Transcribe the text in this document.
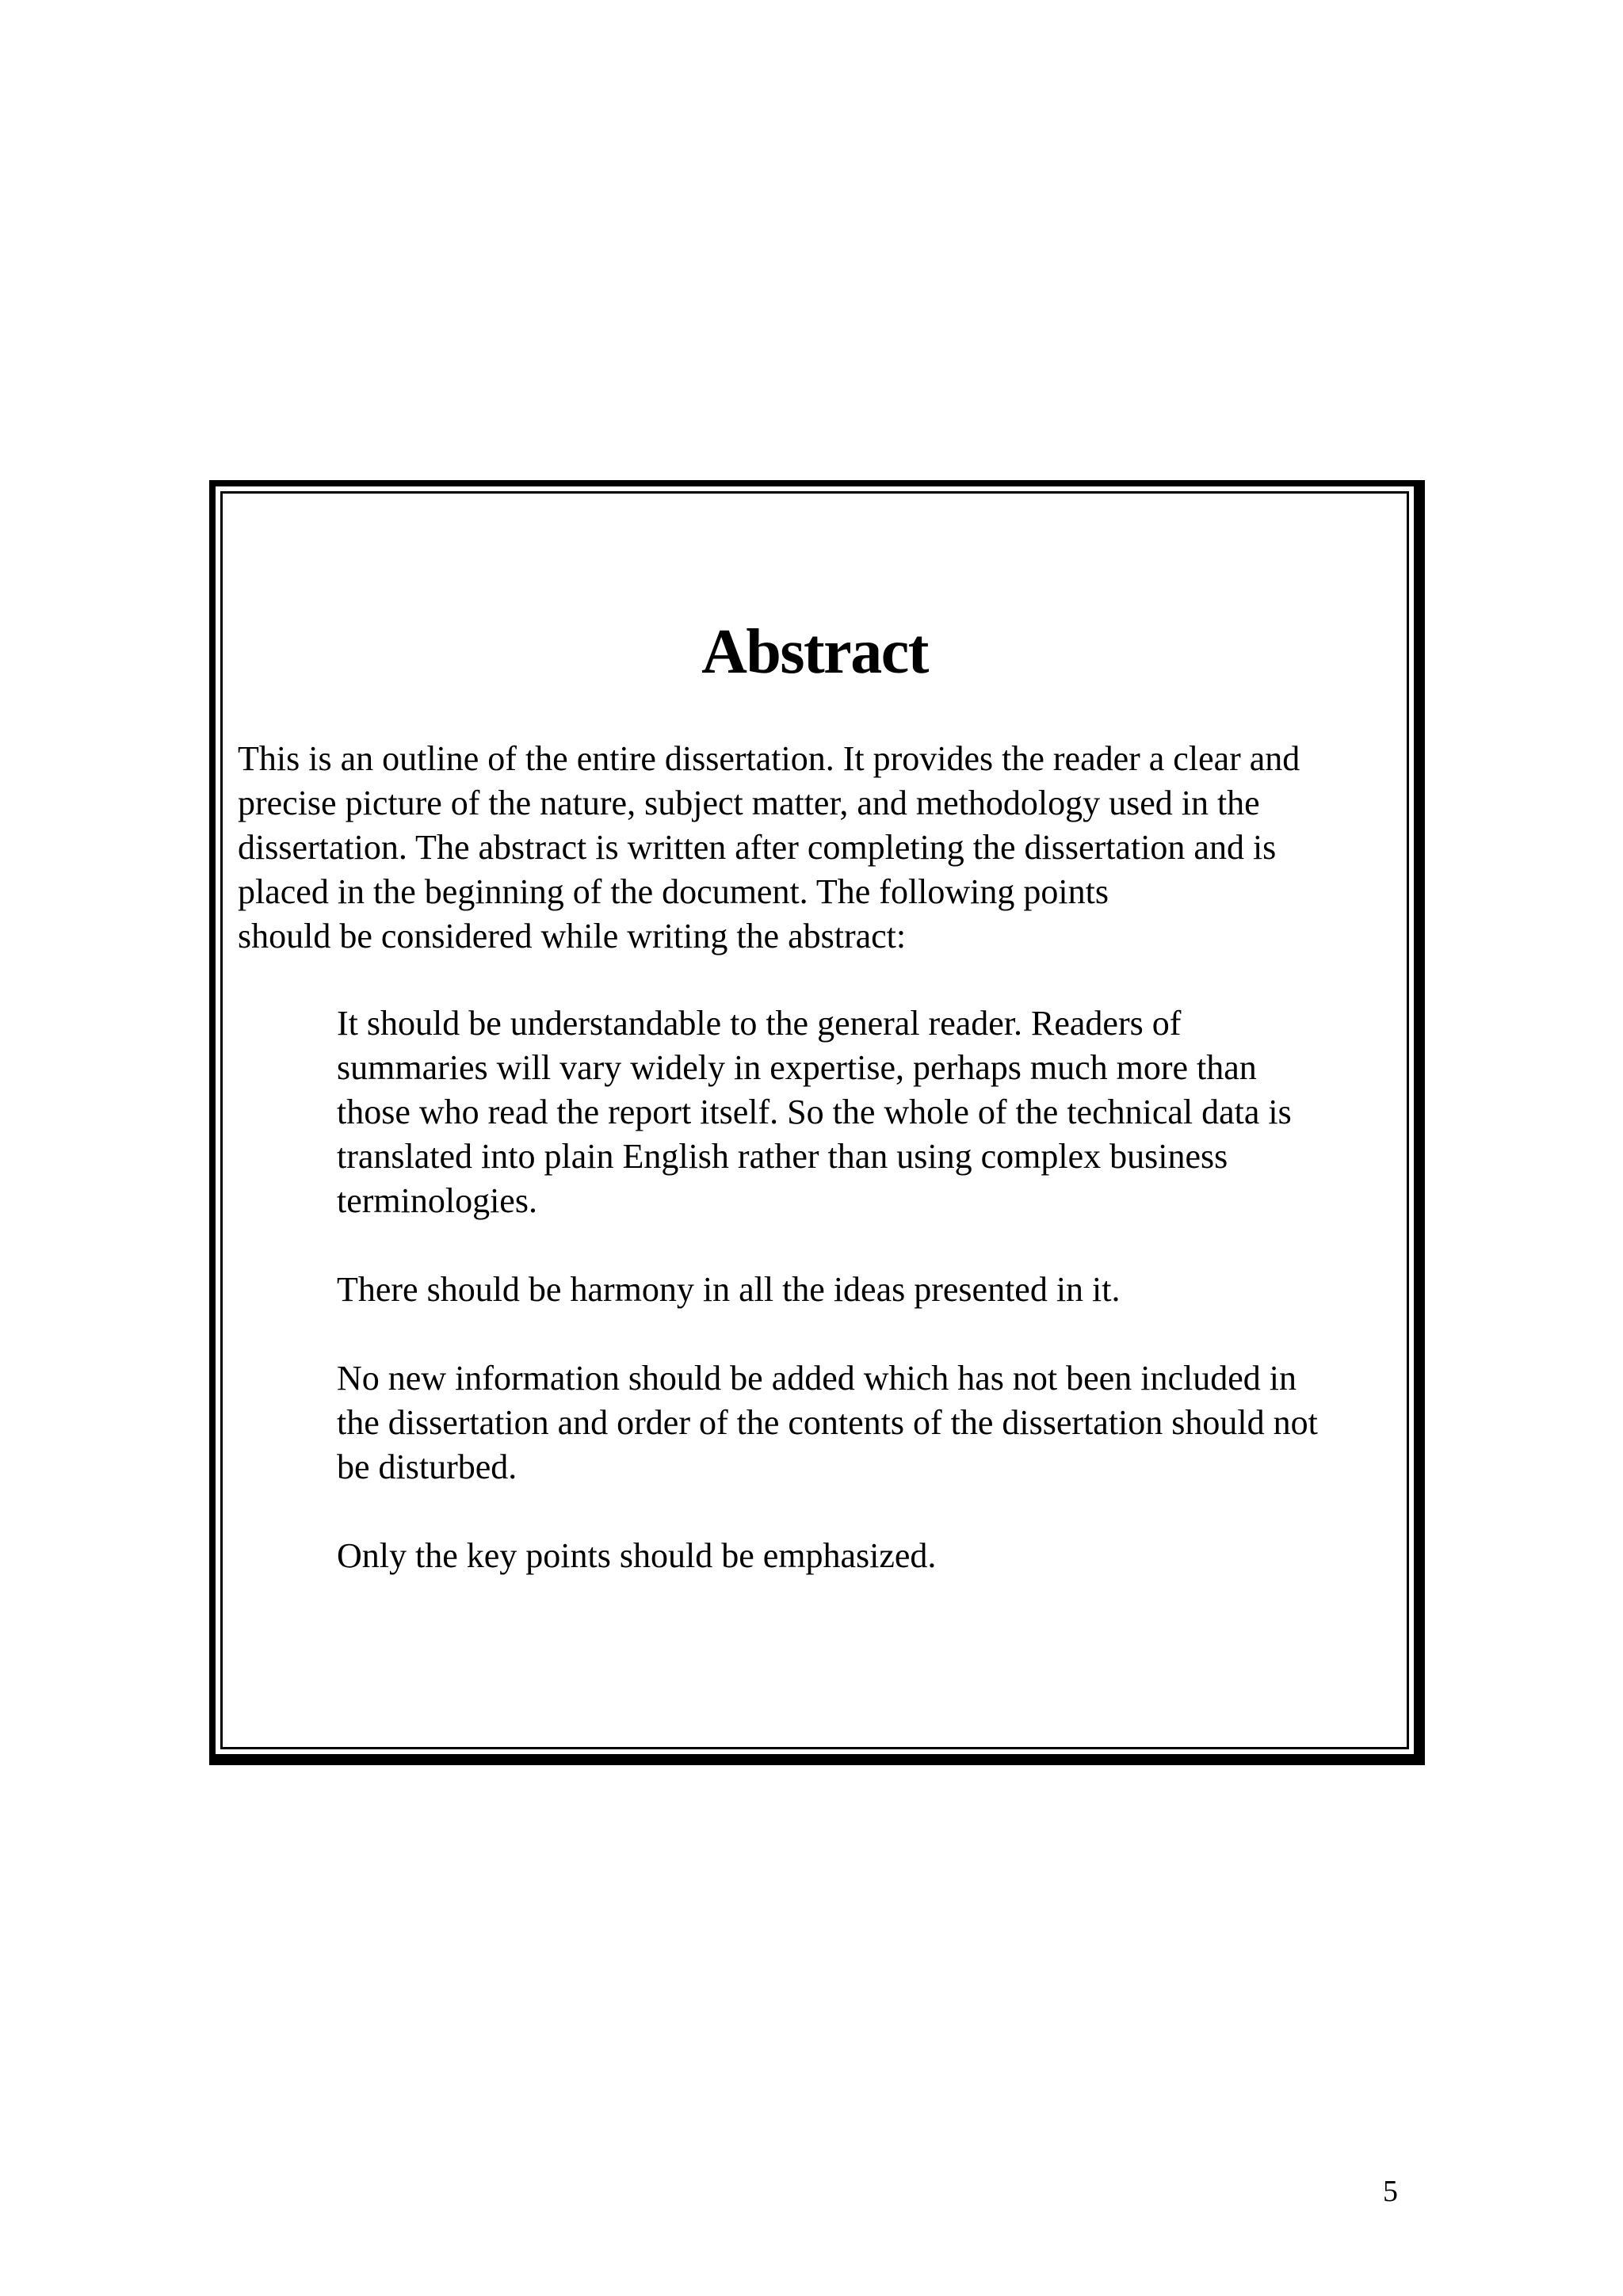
Abstract

This is an outline of the entire dissertation. It provides the reader a clear and
precise picture of the nature, subject matter, and methodology used in the
dissertation. The abstract is written after completing the dissertation and is
placed in the beginning of the document. The following points
should be considered while writing the abstract:

It should be understandable to the general reader. Readers of
summaries will vary widely in expertise, perhaps much more than
those who read the report itself. So the whole of the technical data is
translated into plain English rather than using complex business
terminologies.
There should be harmony in all the ideas presented in it.
No new information should be added which has not been included in
the dissertation and order of the contents of the dissertation should not
be disturbed.
Only the key points should be emphasized.
5
